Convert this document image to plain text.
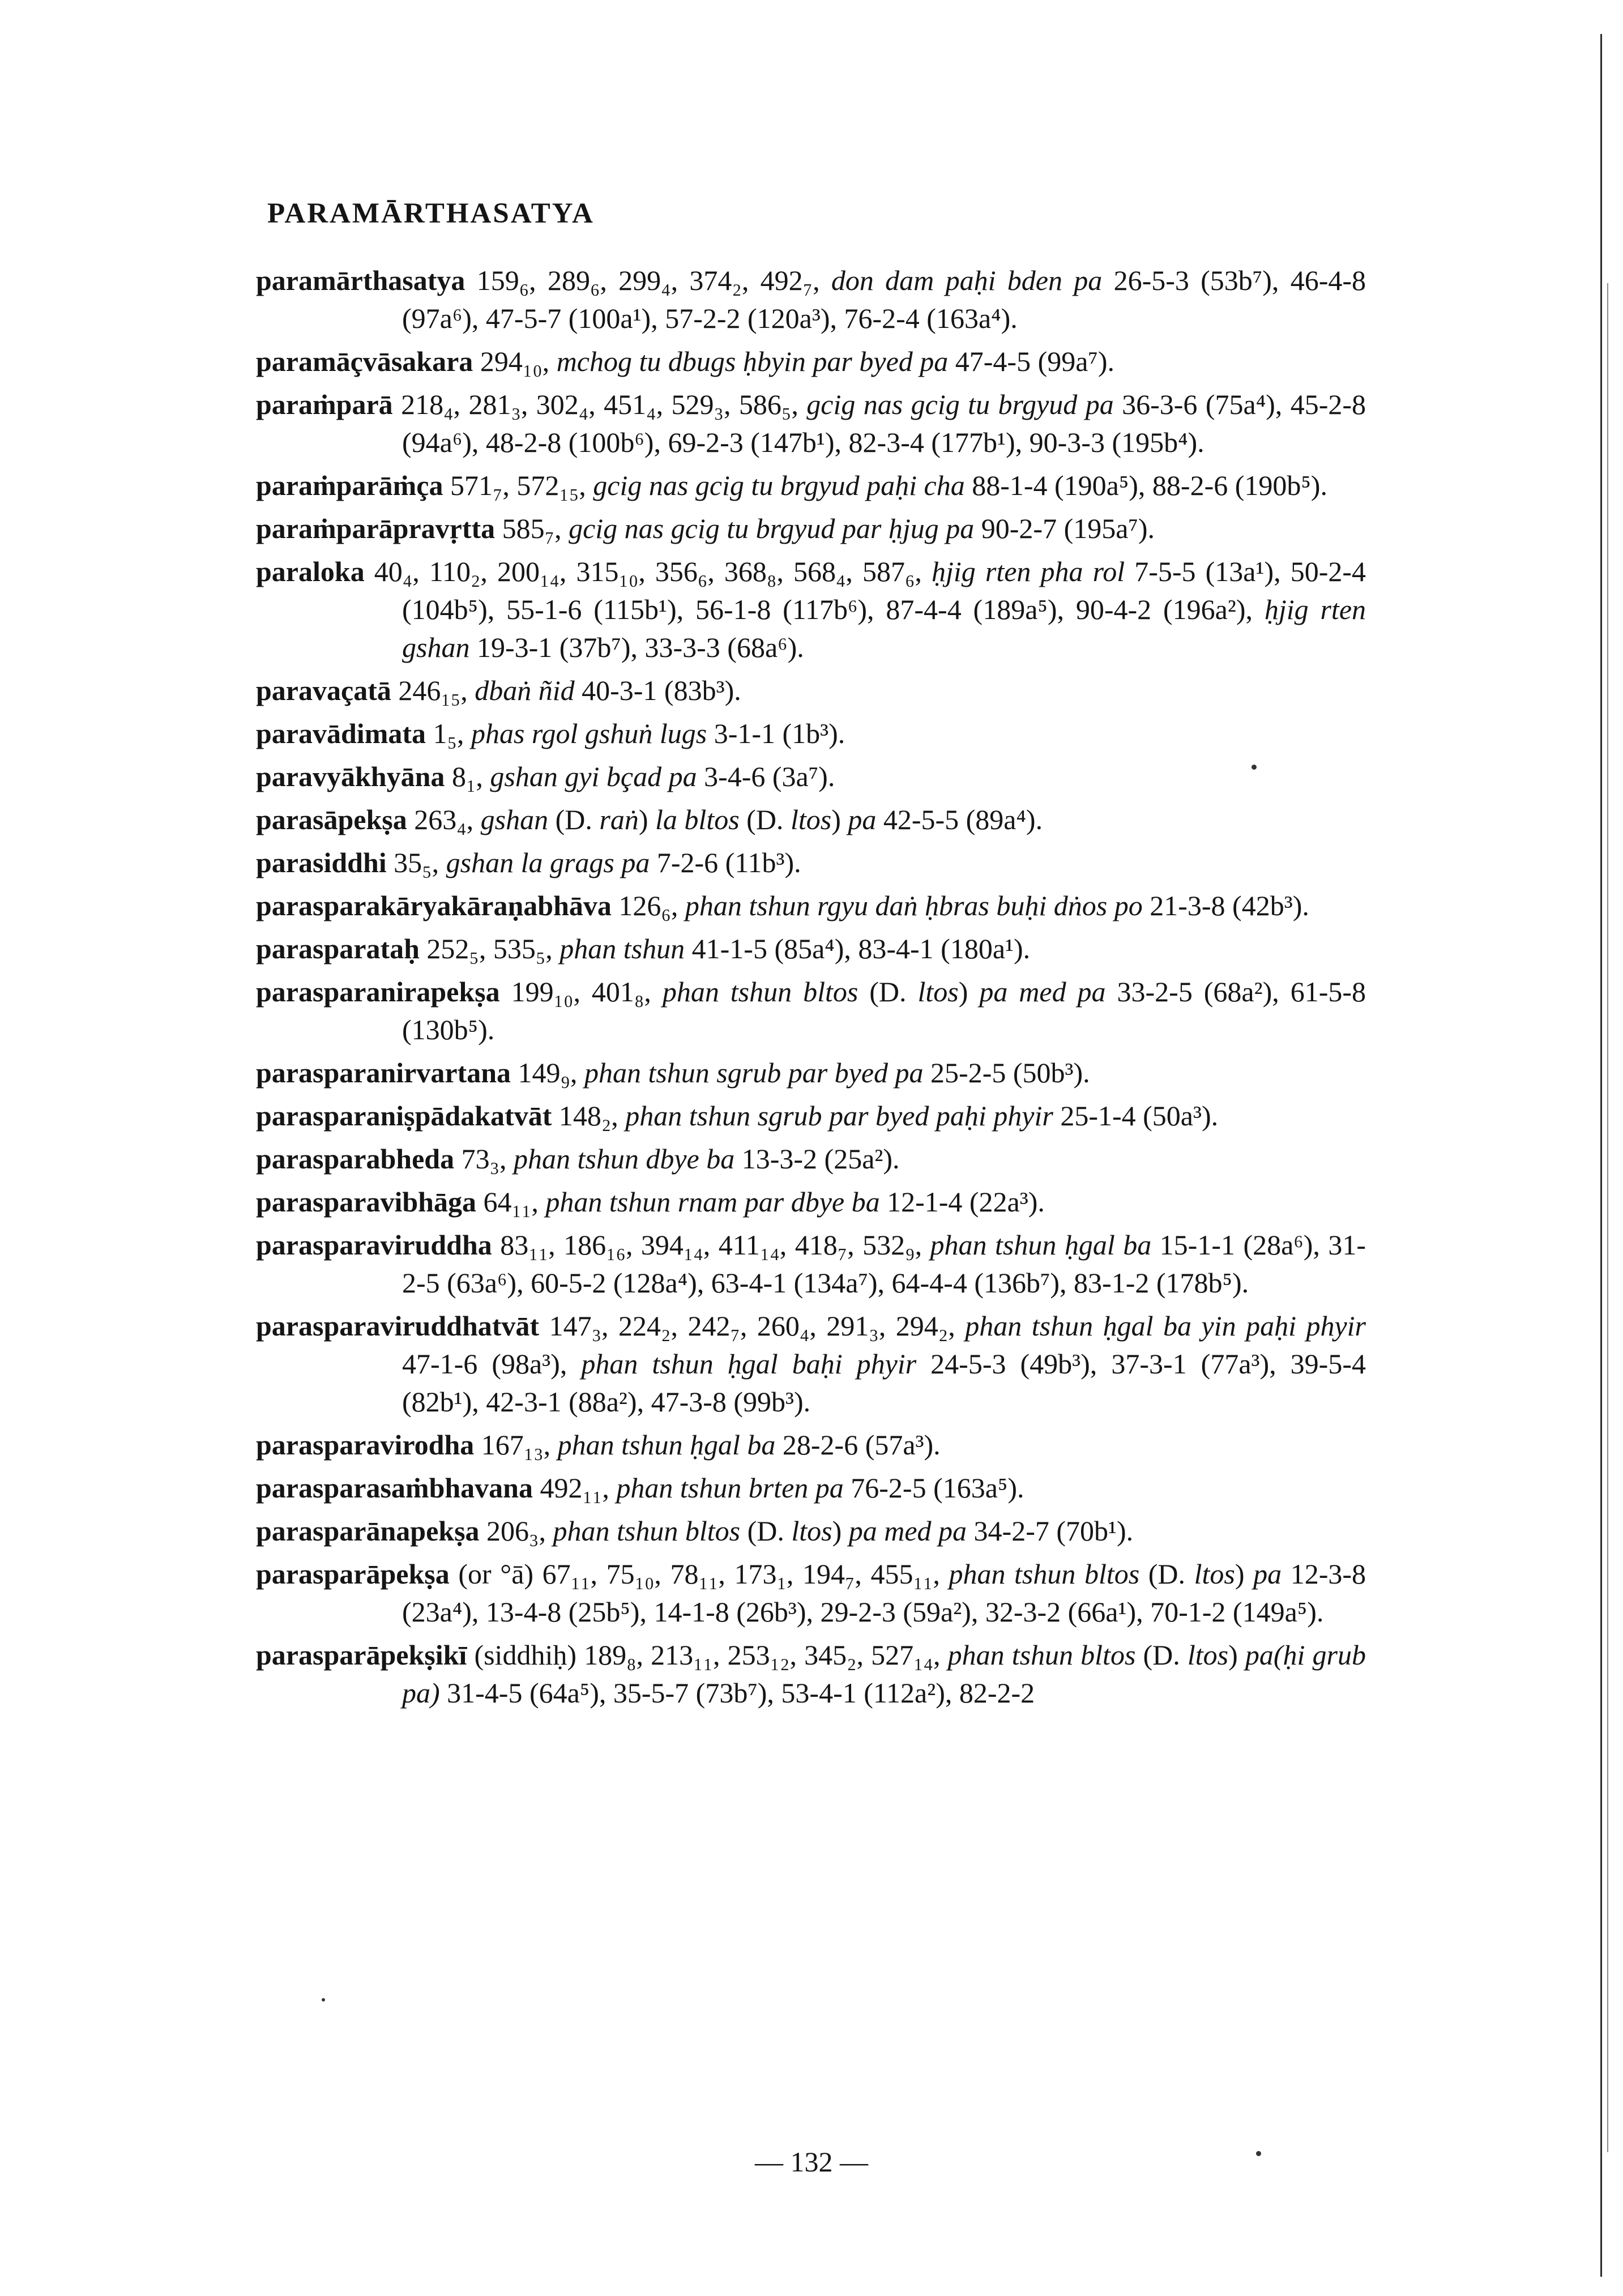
PARAMĀRTHASATYA

paramārthasatya 159₆, 289₆, 299₄, 374₂, 492₇, don dam paḥi bden pa 26-5-3 (53b⁷), 46-4-8 (97a⁶), 47-5-7 (100a¹), 57-2-2 (120a³), 76-2-4 (163a⁴).

paramāçvāsakara 294₁₀, mchog tu dbugs ḥbyin par byed pa 47-4-5 (99a⁷).

paraṁparā 218₄, 281₃, 302₄, 451₄, 529₃, 586₅, gcig nas gcig tu brgyud pa 36-3-6 (75a⁴), 45-2-8 (94a⁶), 48-2-8 (100b⁶), 69-2-3 (147b¹), 82-3-4 (177b¹), 90-3-3 (195b⁴).

paraṁparāṁça 571₇, 572₁₅, gcig nas gcig tu brgyud paḥi cha 88-1-4 (190a⁵), 88-2-6 (190b⁵).

paraṁparāpravṛtta 585₇, gcig nas gcig tu brgyud par ḥjug pa 90-2-7 (195a⁷).

paraloka 40₄, 110₂, 200₁₄, 315₁₀, 356₆, 368₈, 568₄, 587₆, ḥjig rten pha rol 7-5-5 (13a¹), 50-2-4 (104b⁵), 55-1-6 (115b¹), 56-1-8 (117b⁶), 87-4-4 (189a⁵), 90-4-2 (196a²), ḥjig rten gshan 19-3-1 (37b⁷), 33-3-3 (68a⁶).

paravaçatā 246₁₅, dbaṅ ñid 40-3-1 (83b³).

paravādimata 1₅, phas rgol gshuṅ lugs 3-1-1 (1b³).

paravyākhyāna 8₁, gshan gyi bçad pa 3-4-6 (3a⁷).

parasāpekṣa 263₄, gshan (D. raṅ) la bltos (D. ltos) pa 42-5-5 (89a⁴).

parasiddhi 35₅, gshan la grags pa 7-2-6 (11b³).

parasparakāryakāraṇabhāva 126₆, phan tshun rgyu daṅ ḥbras buḥi dṅos po 21-3-8 (42b³).

parasparataḥ 252₅, 535₅, phan tshun 41-1-5 (85a⁴), 83-4-1 (180a¹).

parasparanirapekṣa 199₁₀, 401₈, phan tshun bltos (D. ltos) pa med pa 33-2-5 (68a²), 61-5-8 (130b⁵).

parasparanirvartana 149₉, phan tshun sgrub par byed pa 25-2-5 (50b³).

parasparaniṣpādakatvāt 148₂, phan tshun sgrub par byed paḥi phyir 25-1-4 (50a³).

parasparabheda 73₃, phan tshun dbye ba 13-3-2 (25a²).

parasparavibhāga 64₁₁, phan tshun rnam par dbye ba 12-1-4 (22a³).

parasparaviruddha 83₁₁, 186₁₆, 394₁₄, 411₁₄, 418₇, 532₉, phan tshun ḥgal ba 15-1-1 (28a⁶), 31-2-5 (63a⁶), 60-5-2 (128a⁴), 63-4-1 (134a⁷), 64-4-4 (136b⁷), 83-1-2 (178b⁵).

parasparaviruddhatvāt 147₃, 224₂, 242₇, 260₄, 291₃, 294₂, phan tshun ḥgal ba yin paḥi phyir 47-1-6 (98a³), phan tshun ḥgal baḥi phyir 24-5-3 (49b³), 37-3-1 (77a³), 39-5-4 (82b¹), 42-3-1 (88a²), 47-3-8 (99b³).

parasparavirodha 167₁₃, phan tshun ḥgal ba 28-2-6 (57a³).

parasparasaṁbhavana 492₁₁, phan tshun brten pa 76-2-5 (163a⁵).

parasparānapekṣa 206₃, phan tshun bltos (D. ltos) pa med pa 34-2-7 (70b¹).

parasparāpekṣa (or °ā) 67₁₁, 75₁₀, 78₁₁, 173₁, 194₇, 455₁₁, phan tshun bltos (D. ltos) pa 12-3-8 (23a⁴), 13-4-8 (25b⁵), 14-1-8 (26b³), 29-2-3 (59a²), 32-3-2 (66a¹), 70-1-2 (149a⁵).

parasparāpekṣikī (siddhiḥ) 189₈, 213₁₁, 253₁₂, 345₂, 527₁₄, phan tshun bltos (D. ltos) pa(ḥi grub pa) 31-4-5 (64a⁵), 35-5-7 (73b⁷), 53-4-1 (112a²), 82-2-2

— 132 —
